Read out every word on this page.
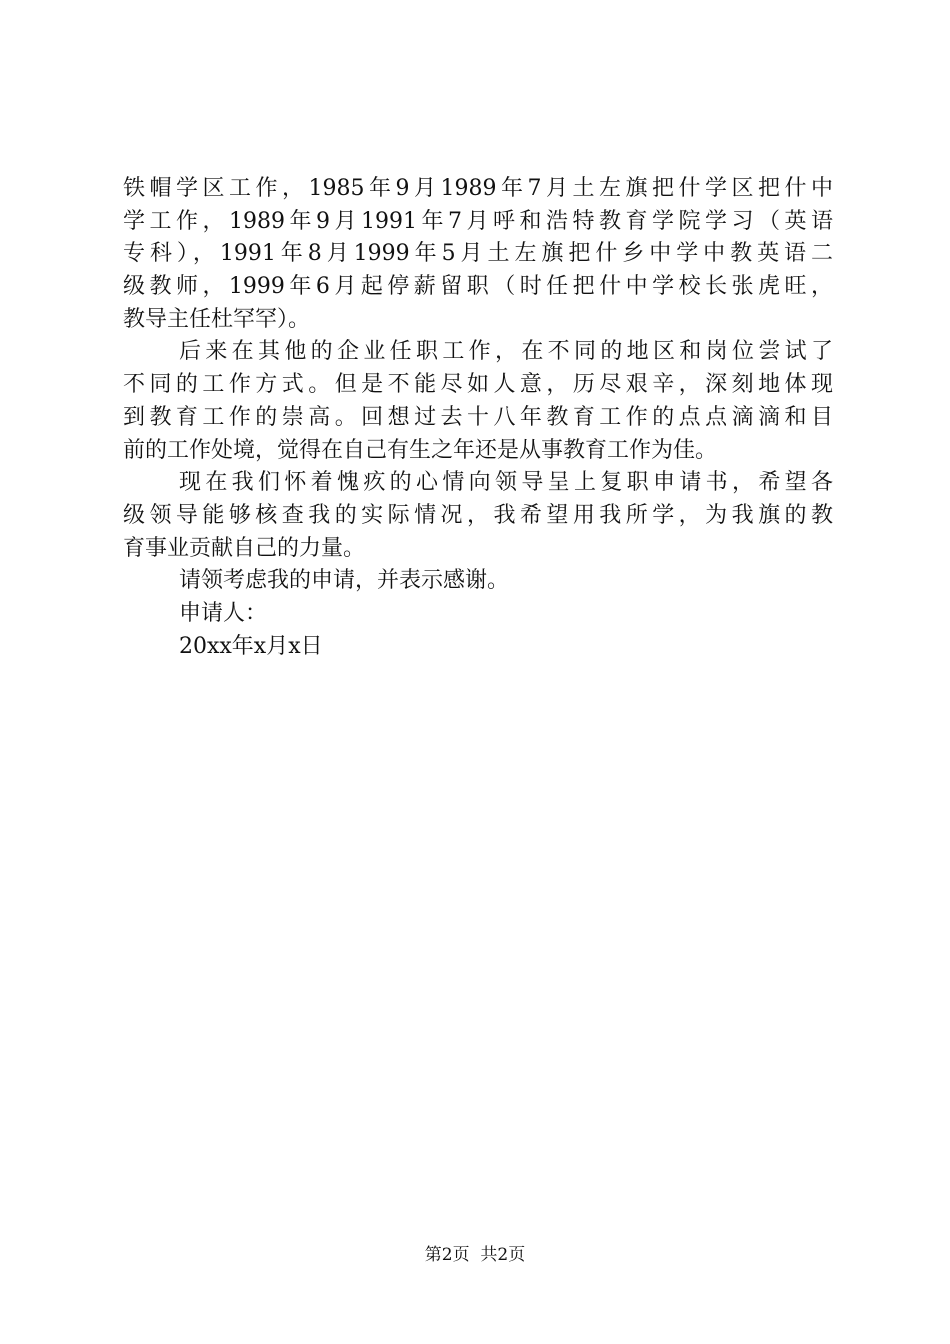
铁帽学区工作，1985年9月1989年7月土左旗把什学区把什中
学工作，1989年9月1991年7月呼和浩特教育学院学习（英语
专科），1991年8月1999年5月土左旗把什乡中学中教英语二
级教师，1999年6月起停薪留职（时任把什中学校长张虎旺，
教导主任杜罕罕）。
后来在其他的企业任职工作，在不同的地区和岗位尝试了
不同的工作方式。但是不能尽如人意，历尽艰辛，深刻地体现
到教育工作的崇高。回想过去十八年教育工作的点点滴滴和目
前的工作处境，觉得在自己有生之年还是从事教育工作为佳。
现在我们怀着愧疚的心情向领导呈上复职申请书，希望各
级领导能够核查我的实际情况，我希望用我所学，为我旗的教
育事业贡献自己的力量。
请领考虑我的申请，并表示感谢。
申请人：
20xx年x月x日
第2页  共2页
